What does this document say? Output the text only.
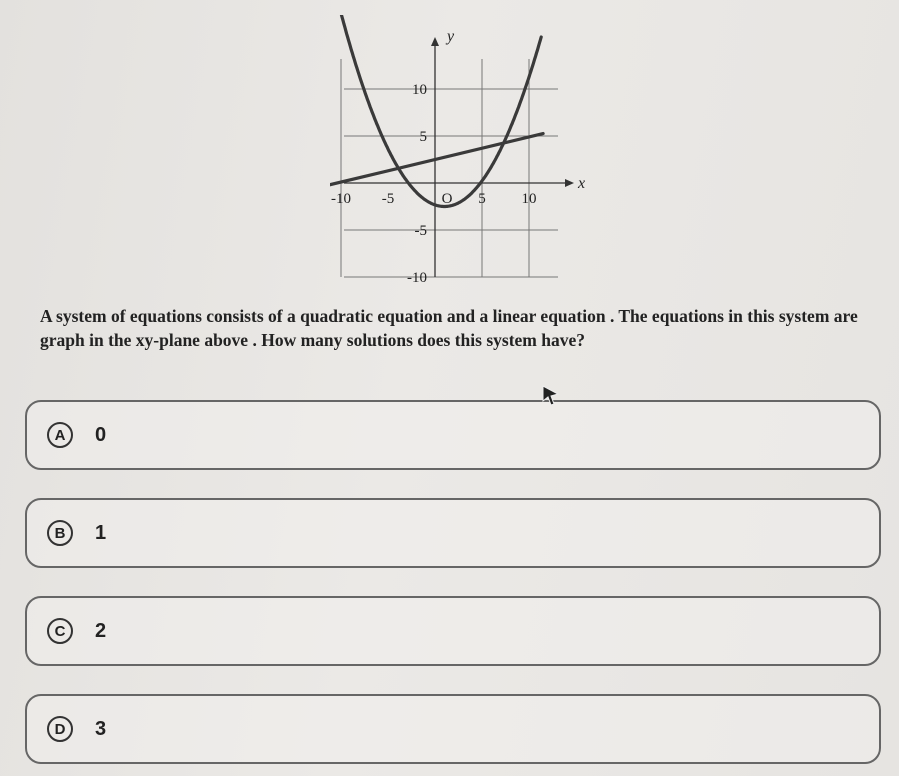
y
x
-10 -5	O 5 10
10
5
-5
-10

A system of equations consists of a quadratic equation and a linear equation . The equations in this system are graph in the xy-plane above . How many solutions does this system have?

A	0
B	1
C	2
D	3
